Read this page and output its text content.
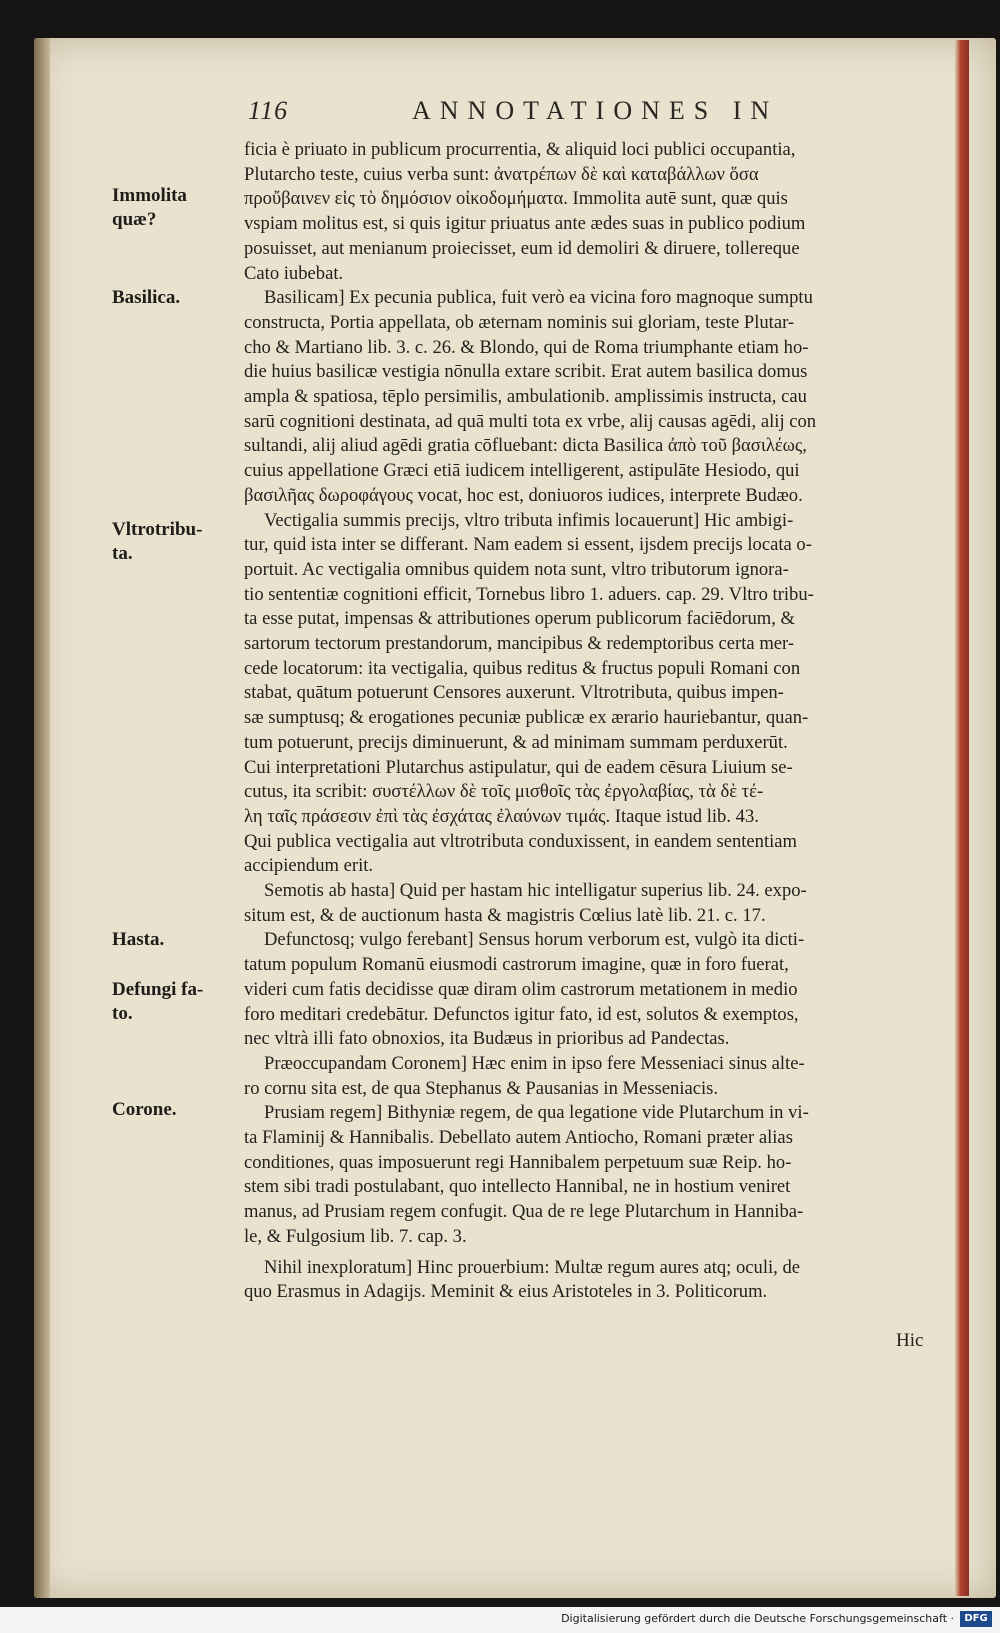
116	ANNOTATIONES IN
Immolita
quæ?
Basilica.
Vltrotribu-
ta.
Hasta.
Defungi fa-
to.
Corone.
ficia è priuato in publicum procurrentia, & aliquid loci publici occupantia,
Plutarcho teste, cuius verba sunt: ἀνατρέπων δὲ καὶ καταβάλλων ὅσα
προὔβαινεν εἰς τὸ δημόσιον οἰκοδομήματα. Immolita autē sunt, quæ quis
vspiam molitus est, si quis igitur priuatus ante ædes suas in publico podium
posuisset, aut menianum proiecisset, eum id demoliri & diruere, tollereque
Cato iubebat.
Basilicam] Ex pecunia publica, fuit verò ea vicina foro magnoque sumptu
constructa, Portia appellata, ob æternam nominis sui gloriam, teste Plutar-
cho & Martiano lib. 3. c. 26. & Blondo, qui de Roma triumphante etiam ho-
die huius basilicæ vestigia nōnulla extare scribit. Erat autem basilica domus
ampla & spatiosa, tēplo persimilis, ambulationib. amplissimis instructa, cau
sarū cognitioni destinata, ad quā multi tota ex vrbe, alij causas agēdi, alij con
sultandi, alij aliud agēdi gratia cōfluebant: dicta Basilica ἀπὸ τοῦ βασιλέως,
cuius appellatione Græci etiā iudicem intelligerent, astipulāte Hesiodo, qui
βασιλῆας δωροφάγους vocat, hoc est, doniuoros iudices, interprete Budæo.
Vectigalia summis precijs, vltro tributa infimis locauerunt] Hic ambigi-
tur, quid ista inter se differant. Nam eadem si essent, ijsdem precijs locata o-
portuit. Ac vectigalia omnibus quidem nota sunt, vltro tributorum ignora-
tio sententiæ cognitioni efficit, Tornebus libro 1. aduers. cap. 29. Vltro tribu-
ta esse putat, impensas & attributiones operum publicorum faciēdorum, &
sartorum tectorum prestandorum, mancipibus & redemptoribus certa mer-
cede locatorum: ita vectigalia, quibus reditus & fructus populi Romani con
stabat, quātum potuerunt Censores auxerunt. Vltrotributa, quibus impen-
sæ sumptusq; & erogationes pecuniæ publicæ ex ærario hauriebantur, quan-
tum potuerunt, precijs diminuerunt, & ad minimam summam perduxerūt.
Cui interpretationi Plutarchus astipulatur, qui de eadem cēsura Liuium se-
cutus, ita scribit: συστέλλων δὲ τοῖς μισθοῖς τὰς ἐργολαβίας, τὰ δὲ τέ-
λη ταῖς πράσεσιν ἐπὶ τὰς ἐσχάτας ἐλαύνων τιμάς. Itaque istud lib. 43.
Qui publica vectigalia aut vltrotributa conduxissent, in eandem sententiam
accipiendum erit.
Semotis ab hasta] Quid per hastam hic intelligatur superius lib. 24. expo-
situm est, & de auctionum hasta & magistris Cœlius latè lib. 21. c. 17.
Defunctosq; vulgo ferebant] Sensus horum verborum est, vulgò ita dicti-
tatum populum Romanū eiusmodi castrorum imagine, quæ in foro fuerat,
videri cum fatis decidisse quæ diram olim castrorum metationem in medio
foro meditari credebātur. Defunctos igitur fato, id est, solutos & exemptos,
nec vltrà illi fato obnoxios, ita Budæus in prioribus ad Pandectas.
Præoccupandam Coronem] Hæc enim in ipso fere Messeniaci sinus alte-
ro cornu sita est, de qua Stephanus & Pausanias in Messeniacis.
Prusiam regem] Bithyniæ regem, de qua legatione vide Plutarchum in vi-
ta Flaminij & Hannibalis. Debellato autem Antiocho, Romani præter alias
conditiones, quas imposuerunt regi Hannibalem perpetuum suæ Reip. ho-
stem sibi tradi postulabant, quo intellecto Hannibal, ne in hostium veniret
manus, ad Prusiam regem confugit. Qua de re lege Plutarchum in Hanniba-
le, & Fulgosium lib. 7. cap. 3.
Nihil inexploratum] Hinc prouerbium: Multæ regum aures atq; oculi, de
quo Erasmus in Adagijs. Meminit & eius Aristoteles in 3. Politicorum.
Hic
Digitalisierung gefördert durch die Deutsche Forschungsgemeinschaft ·	DFG
